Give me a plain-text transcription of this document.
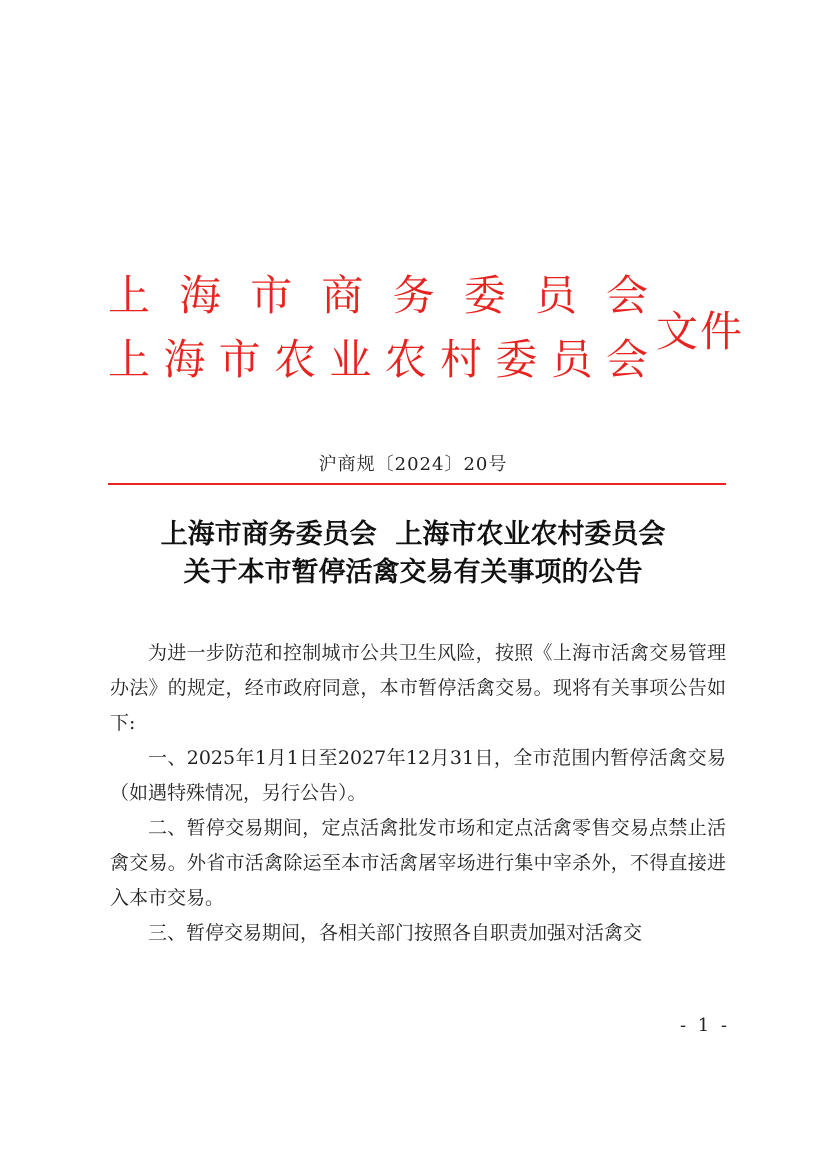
上 海 市 商 务 委 员 会
上 海 市 农 业 农 村 委 员 会
文件
沪商规〔2024〕20号
上海市商务委员会  上海市农业农村委员会
关于本市暂停活禽交易有关事项的公告

为进一步防范和控制城市公共卫生风险，按照《上海市活禽交易管理办法》的规定，经市政府同意，本市暂停活禽交易。现将有关事项公告如下:

一、2025年1月1日至2027年12月31日，全市范围内暂停活禽交易（如遇特殊情况，另行公告）。

二、暂停交易期间，定点活禽批发市场和定点活禽零售交易点禁止活禽交易。外省市活禽除运至本市活禽屠宰场进行集中宰杀外，不得直接进入本市交易。

三、暂停交易期间，各相关部门按照各自职责加强对活禽交

- 1 -
